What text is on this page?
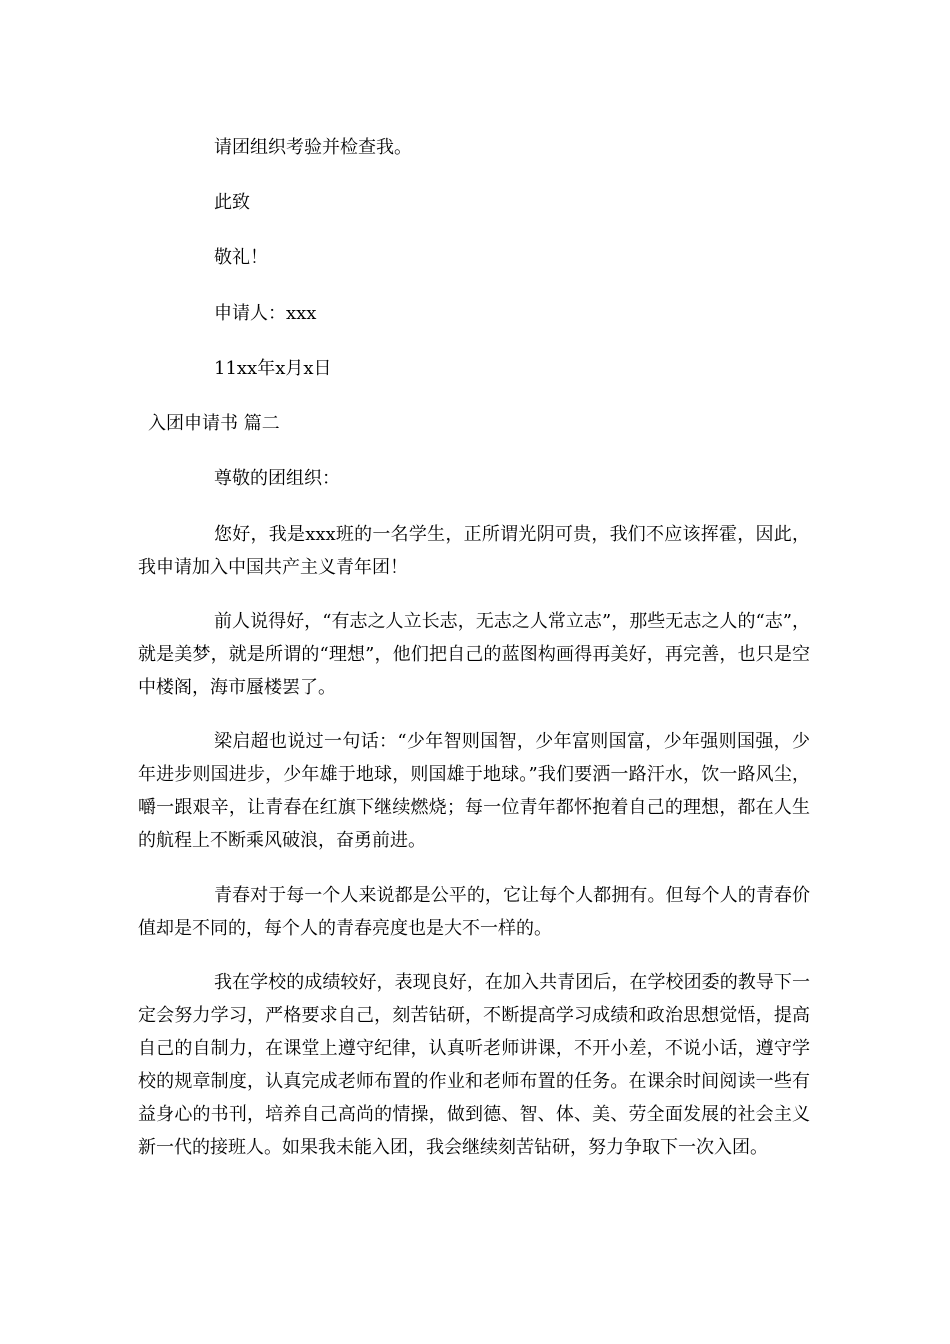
请团组织考验并检查我。

此致

敬礼！

申请人：xxx

11xx年x月x日

入团申请书 篇二

尊敬的团组织：

您好，我是xxx班的一名学生，正所谓光阴可贵，我们不应该挥霍，因此，我申请加入中国共产主义青年团！

前人说得好，“有志之人立长志，无志之人常立志”，那些无志之人的“志”，就是美梦，就是所谓的“理想”，他们把自己的蓝图构画得再美好，再完善，也只是空中楼阁，海市蜃楼罢了。

梁启超也说过一句话：“少年智则国智，少年富则国富，少年强则国强，少年进步则国进步，少年雄于地球，则国雄于地球。”我们要洒一路汗水，饮一路风尘，嚼一跟艰辛，让青春在红旗下继续燃烧；每一位青年都怀抱着自己的理想，都在人生的航程上不断乘风破浪，奋勇前进。

青春对于每一个人来说都是公平的，它让每个人都拥有。但每个人的青春价值却是不同的，每个人的青春亮度也是大不一样的。

我在学校的成绩较好，表现良好，在加入共青团后，在学校团委的教导下一定会努力学习，严格要求自己，刻苦钻研，不断提高学习成绩和政治思想觉悟，提高自己的自制力，在课堂上遵守纪律，认真听老师讲课，不开小差，不说小话，遵守学校的规章制度，认真完成老师布置的作业和老师布置的任务。在课余时间阅读一些有益身心的书刊，培养自己高尚的情操，做到德、智、体、美、劳全面发展的社会主义新一代的接班人。如果我未能入团，我会继续刻苦钻研，努力争取下一次入团。
